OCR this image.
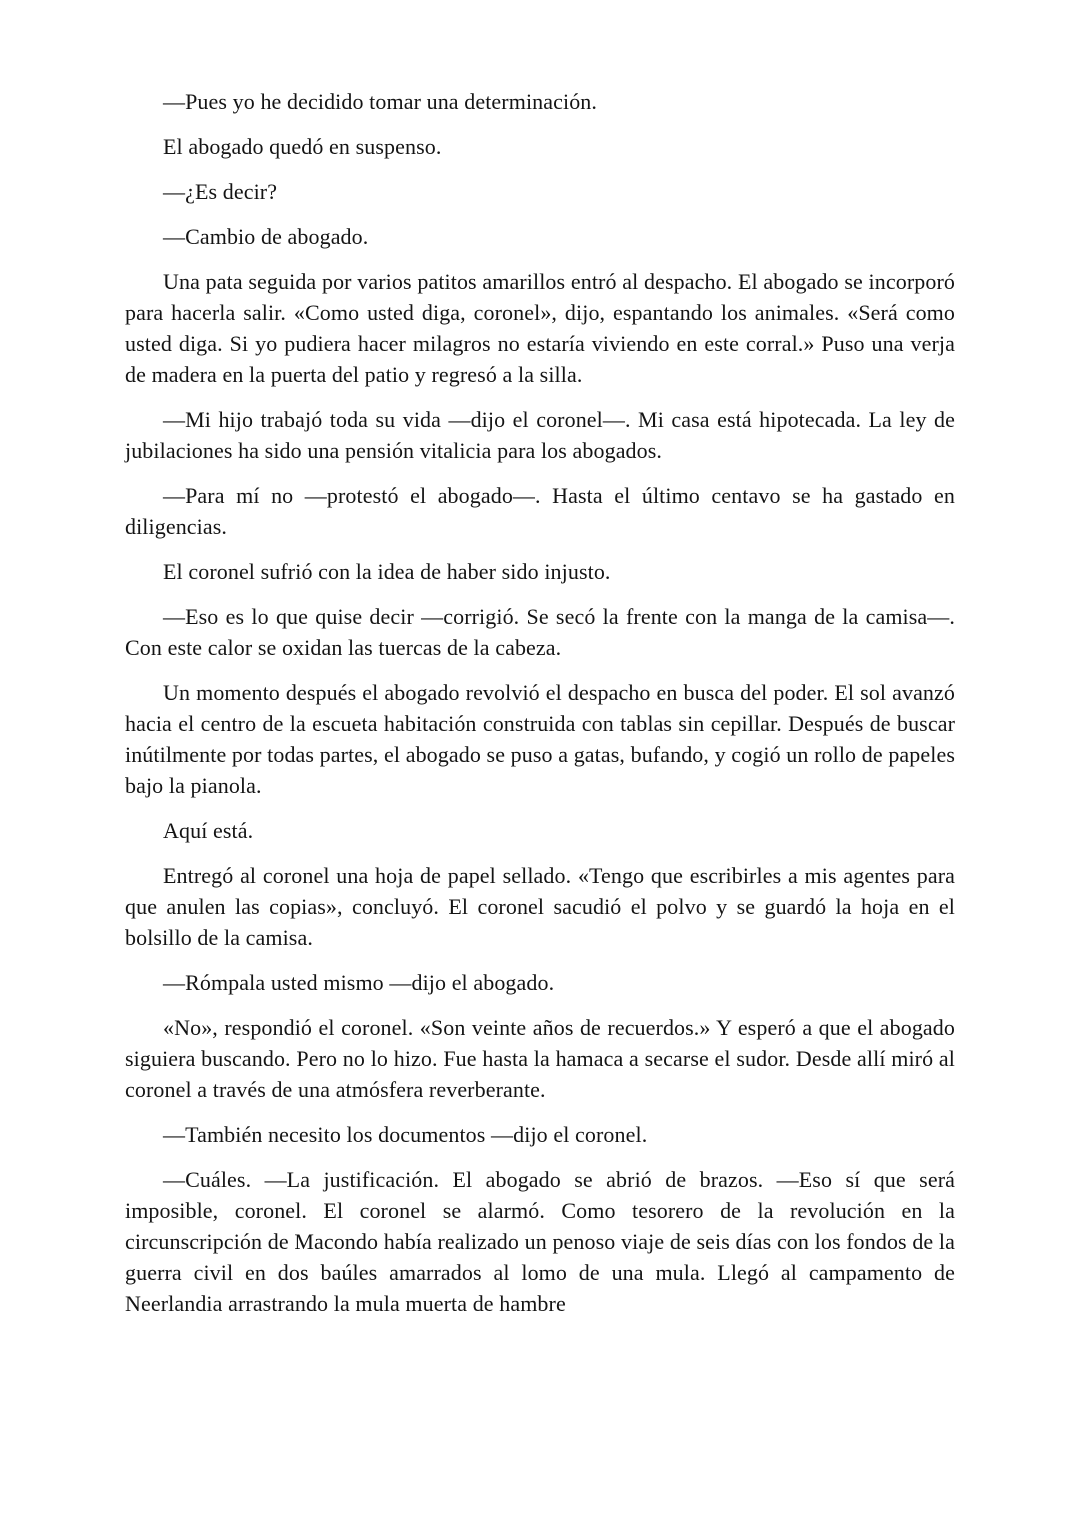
—Pues yo he decidido tomar una determinación.

El abogado quedó en suspenso.

—¿Es decir?

—Cambio de abogado.

Una pata seguida por varios patitos amarillos entró al despacho. El abogado se incorporó para hacerla salir. «Como usted diga, coronel», dijo, espantando los animales. «Será como usted diga. Si yo pudiera hacer milagros no estaría viviendo en este corral.» Puso una verja de madera en la puerta del patio y regresó a la silla.

—Mi hijo trabajó toda su vida —dijo el coronel—. Mi casa está hipotecada. La ley de jubilaciones ha sido una pensión vitalicia para los abogados.

—Para mí no —protestó el abogado—. Hasta el último centavo se ha gastado en diligencias.

El coronel sufrió con la idea de haber sido injusto.

—Eso es lo que quise decir —corrigió. Se secó la frente con la manga de la camisa—. Con este calor se oxidan las tuercas de la cabeza.

Un momento después el abogado revolvió el despacho en busca del poder. El sol avanzó hacia el centro de la escueta habitación construida con tablas sin cepillar. Después de buscar inútilmente por todas partes, el abogado se puso a gatas, bufando, y cogió un rollo de papeles bajo la pianola.

Aquí está.

Entregó al coronel una hoja de papel sellado. «Tengo que escribirles a mis agentes para que anulen las copias», concluyó. El coronel sacudió el polvo y se guardó la hoja en el bolsillo de la camisa.

—Rómpala usted mismo —dijo el abogado.

«No», respondió el coronel. «Son veinte años de recuerdos.» Y esperó a que el abogado siguiera buscando. Pero no lo hizo. Fue hasta la hamaca a secarse el sudor. Desde allí miró al coronel a través de una atmósfera reverberante.

—También necesito los documentos —dijo el coronel.

—Cuáles. —La justificación. El abogado se abrió de brazos. —Eso sí que será imposible, coronel. El coronel se alarmó. Como tesorero de la revolución en la circunscripción de Macondo había realizado un penoso viaje de seis días con los fondos de la guerra civil en dos baúles amarrados al lomo de una mula. Llegó al campamento de Neerlandia arrastrando la mula muerta de hambre
